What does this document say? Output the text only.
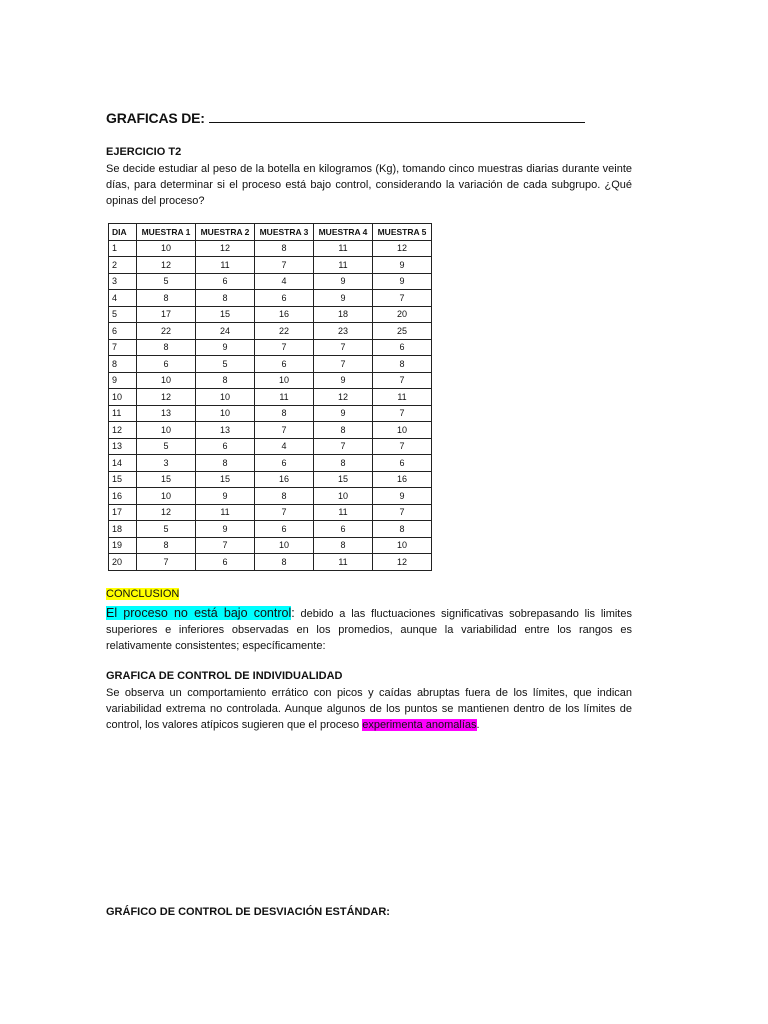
GRAFICAS DE:
EJERCICIO T2
Se decide estudiar al peso de la botella en kilogramos (Kg), tomando cinco muestras diarias durante veinte días, para determinar si el proceso está bajo control, considerando la variación de cada subgrupo. ¿Qué opinas del proceso?
DIA	MUESTRA 1	MUESTRA 2	MUESTRA 3	MUESTRA 4	MUESTRA 5
1	10	12	8	11	12
2	12	11	7	11	9
3	5	6	4	9	9
4	8	8	6	9	7
5	17	15	16	18	20
6	22	24	22	23	25
7	8	9	7	7	6
8	6	5	6	7	8
9	10	8	10	9	7
10	12	10	11	12	11
11	13	10	8	9	7
12	10	13	7	8	10
13	5	6	4	7	7
14	3	8	6	8	6
15	15	15	16	15	16
16	10	9	8	10	9
17	12	11	7	11	7
18	5	9	6	6	8
19	8	7	10	8	10
20	7	6	8	11	12
CONCLUSION
El proceso no está bajo control: debido a las fluctuaciones significativas sobrepasando lis limites superiores e inferiores observadas en los promedios, aunque la variabilidad entre los rangos es relativamente consistentes; específicamente:
GRAFICA DE CONTROL DE INDIVIDUALIDAD
Se observa un comportamiento errático con picos y caídas abruptas fuera de los límites, que indican variabilidad extrema no controlada. Aunque algunos de los puntos se mantienen dentro de los límites de control, los valores atípicos sugieren que el proceso experimenta anomalías.
GRÁFICO DE CONTROL DE DESVIACIÓN ESTÁNDAR:
